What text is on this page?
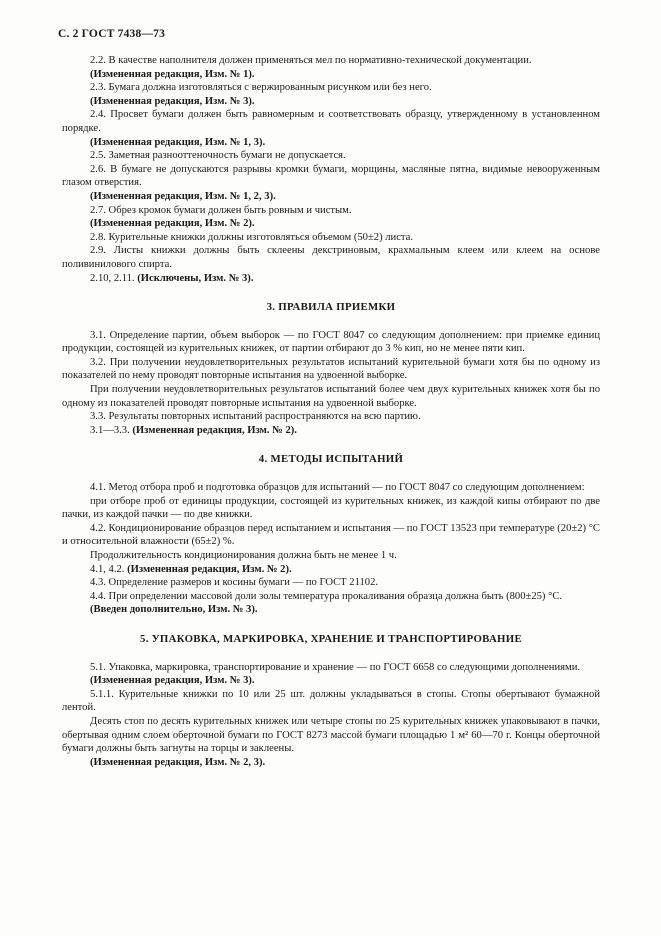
С. 2 ГОСТ 7438—73

2.2. В качестве наполнителя должен применяться мел по нормативно-технической документации.

(Измененная редакция, Изм. № 1).

2.3. Бумага должна изготовляться с вержированным рисунком или без него.

(Измененная редакция, Изм. № 3).

2.4. Просвет бумаги должен быть равномерным и соответствовать образцу, утвержденному в установленном порядке.

(Измененная редакция, Изм. № 1, 3).

2.5. Заметная разнооттеночность бумаги не допускается.

2.6. В бумаге не допускаются разрывы кромки бумаги, морщины, масляные пятна, видимые невооруженным глазом отверстия.

(Измененная редакция, Изм. № 1, 2, 3).

2.7. Обрез кромок бумаги должен быть ровным и чистым.

(Измененная редакция, Изм. № 2).

2.8. Курительные книжки должны изготовляться объемом (50±2) листа.

2.9. Листы книжки должны быть склеены декстриновым, крахмальным клеем или клеем на основе поливинилового спирта.

2.10, 2.11. (Исключены, Изм. № 3).

3. ПРАВИЛА ПРИЕМКИ

3.1. Определение партии, объем выборок — по ГОСТ 8047 со следующим дополнением: при приемке единиц продукции, состоящей из курительных книжек, от партии отбирают до 3 % кип, но не менее пяти кип.

3.2. При получении неудовлетворительных результатов испытаний курительной бумаги хотя бы по одному из показателей по нему проводят повторные испытания на удвоенной выборке.

При получении неудовлетворительных результатов испытаний более чем двух курительных книжек хотя бы по одному из показателей проводят повторные испытания на удвоенной выборке.

3.3. Результаты повторных испытаний распространяются на всю партию.

3.1—3.3. (Измененная редакция, Изм. № 2).

4. МЕТОДЫ ИСПЫТАНИЙ

4.1. Метод отбора проб и подготовка образцов для испытаний — по ГОСТ 8047 со следующим дополнением:

при отборе проб от единицы продукции, состоящей из курительных книжек, из каждой кипы отбирают по две пачки, из каждой пачки — по две книжки.

4.2. Кондиционирование образцов перед испытанием и испытания — по ГОСТ 13523 при температуре (20±2) °С и относительной влажности (65±2) %.

Продолжительность кондиционирования должна быть не менее 1 ч.

4.1, 4.2. (Измененная редакция, Изм. № 2).

4.3. Определение размеров и косины бумаги — по ГОСТ 21102.

4.4. При определении массовой доли золы температура прокаливания образца должна быть (800±25) °С.

(Введен дополнительно, Изм. № 3).

5. УПАКОВКА, МАРКИРОВКА, ХРАНЕНИЕ И ТРАНСПОРТИРОВАНИЕ

5.1. Упаковка, маркировка, транспортирование и хранение — по ГОСТ 6658 со следующими дополнениями.

(Измененная редакция, Изм. № 3).

5.1.1. Курительные книжки по 10 или 25 шт. должны укладываться в стопы. Стопы обертывают бумажной лентой.

Десять стоп по десять курительных книжек или четыре стопы по 25 курительных книжек упаковывают в пачки, обертывая одним слоем оберточной бумаги по ГОСТ 8273 массой бумаги площадью 1 м² 60—70 г. Концы оберточной бумаги должны быть загнуты на торцы и заклеены.

(Измененная редакция, Изм. № 2, 3).
